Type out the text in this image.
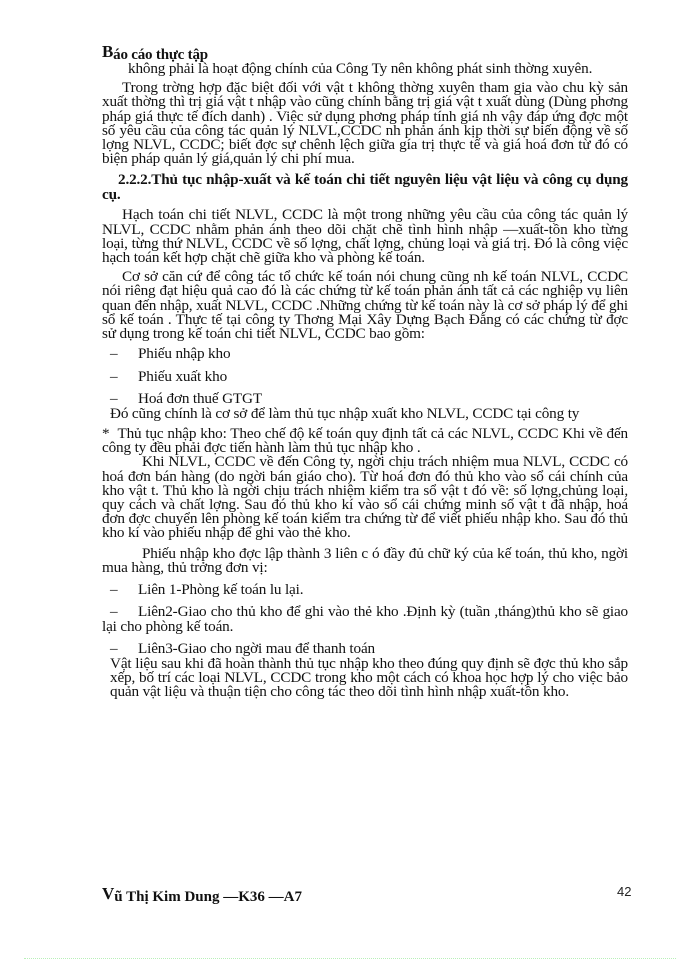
Báo cáo thực tập

không phải là hoạt động chính của Công Ty nên không phát sinh thờng xuyên.

Trong trờng hợp đặc biệt đối với vật t không thờng xuyên tham gia vào chu kỳ sản xuất thờng thì trị giá vật t nhập vào cũng chính bằng trị giá vật t xuất dùng (Dùng phơng pháp giá thực tế đích danh) . Việc sử dụng phơng pháp tính giá nh vậy đáp ứng đợc một số yêu cầu của công tác quản lý NLVL,CCDC nh phản ánh kịp thời sự biến động về số lợng NLVL, CCDC; biết đợc sự chênh lệch giữa gía trị thực tế và giá hoá đơn từ đó có biện pháp quản lý giá,quản lý chi phí mua.

2.2.2.Thủ tục nhập-xuất và kế toán chi tiết nguyên liệu vật liệu và công cụ dụng cụ.

Hạch toán chi tiết NLVL, CCDC là một trong những yêu cầu của công tác quản lý NLVL, CCDC nhằm phản ánh theo dõi chặt chẽ tình hình nhập —xuất-tồn kho từng loại, từng thứ NLVL, CCDC về số lợng, chất lợng, chủng loại và giá trị. Đó là công việc hạch toán kết hợp chặt chẽ giữa kho và phòng kế toán.

Cơ sở căn cứ để công tác tổ chức kế toán nói chung cũng nh kế toán NLVL, CCDC nói riêng đạt hiệu quả cao đó là các chứng từ kế toán phản ánh tất cả các nghiệp vụ liên quan đến nhập, xuất NLVL, CCDC .Những chứng từ kế toán này là cơ sở pháp lý để ghi sổ kế toán . Thực tế tại công ty Thơng Mại Xây Dựng Bạch Đằng có các chứng từ đợc sử dụng trong kế toán chi tiết NLVL, CCDC bao gồm:

– Phiếu nhập kho
– Phiếu xuất kho
– Hoá đơn thuế GTGT

Đó cũng chính là cơ sở để làm thủ tục nhập xuất kho NLVL, CCDC tại công ty

* Thủ tục nhập kho: Theo chế độ kế toán quy định tất cả các NLVL, CCDC Khi về đến công ty đều phải đợc tiến hành làm thủ tục nhập kho .

Khi NLVL, CCDC về đến Công ty, ngời chịu trách nhiệm mua NLVL, CCDC có hoá đơn bán hàng (do ngời bán giáo cho). Từ hoá đơn đó thủ kho vào sổ cái chính của kho vật t. Thủ kho là ngời chịu trách nhiệm kiểm tra sổ vật t đó về: số lợng,chủng loại, quy cách và chất lợng. Sau đó thủ kho kí vào sổ cái chứng minh số vật t đã nhập, hoá đơn đợc chuyển lên phòng kế toán kiểm tra chứng từ để viết phiếu nhập kho. Sau đó thủ kho kí vào phiếu nhập để ghi vào thẻ kho.

Phiếu nhập kho đợc lập thành 3 liên c ó đầy đủ chữ ký của kế toán, thủ kho, ngời mua hàng, thủ trởng đơn vị:

– Liên 1-Phòng kế toán lu lại.
– Liên2-Giao cho thủ kho để ghi vào thẻ kho .Định kỳ (tuần ,tháng)thủ kho sẽ giao lại cho phòng kế toán.
– Liên3-Giao cho ngời mau để thanh toán

Vật liệu sau khi đã hoàn thành thủ tục nhập kho theo đúng quy định sẽ đợc thủ kho sắp xếp, bố trí các loại NLVL, CCDC trong kho một cách có khoa học hợp lý cho việc bảo quản vật liệu và thuận tiện cho công tác theo dõi tình hình nhập xuất-tồn kho.

Vũ Thị Kim Dung —K36 —A7	42
